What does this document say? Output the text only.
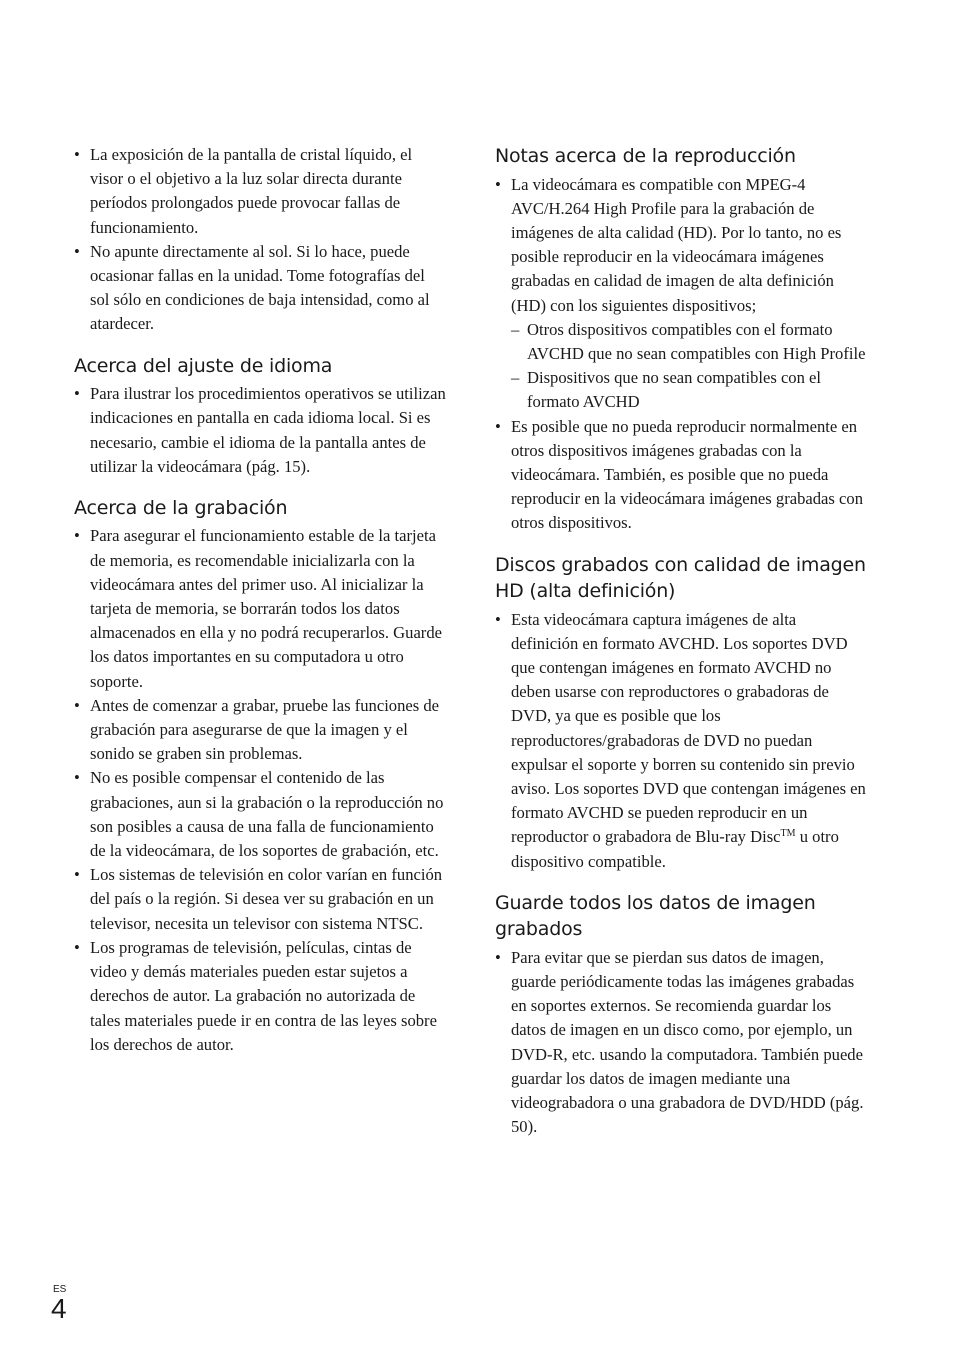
• La exposición de la pantalla de cristal líquido, el visor o el objetivo a la luz solar directa durante períodos prolongados puede provocar fallas de funcionamiento.
• No apunte directamente al sol. Si lo hace, puede ocasionar fallas en la unidad. Tome fotografías del sol sólo en condiciones de baja intensidad, como al atardecer.
Acerca del ajuste de idioma
• Para ilustrar los procedimientos operativos se utilizan indicaciones en pantalla en cada idioma local. Si es necesario, cambie el idioma de la pantalla antes de utilizar la videocámara (pág. 15).
Acerca de la grabación
• Para asegurar el funcionamiento estable de la tarjeta de memoria, es recomendable inicializarla con la videocámara antes del primer uso. Al inicializar la tarjeta de memoria, se borrarán todos los datos almacenados en ella y no podrá recuperarlos. Guarde los datos importantes en su computadora u otro soporte.
• Antes de comenzar a grabar, pruebe las funciones de grabación para asegurarse de que la imagen y el sonido se graben sin problemas.
• No es posible compensar el contenido de las grabaciones, aun si la grabación o la reproducción no son posibles a causa de una falla de funcionamiento de la videocámara, de los soportes de grabación, etc.
• Los sistemas de televisión en color varían en función del país o la región. Si desea ver su grabación en un televisor, necesita un televisor con sistema NTSC.
• Los programas de televisión, películas, cintas de video y demás materiales pueden estar sujetos a derechos de autor. La grabación no autorizada de tales materiales puede ir en contra de las leyes sobre los derechos de autor.
Notas acerca de la reproducción
• La videocámara es compatible con MPEG-4 AVC/H.264 High Profile para la grabación de imágenes de alta calidad (HD). Por lo tanto, no es posible reproducir en la videocámara imágenes grabadas en calidad de imagen de alta definición (HD) con los siguientes dispositivos;
– Otros dispositivos compatibles con el formato AVCHD que no sean compatibles con High Profile
– Dispositivos que no sean compatibles con el formato AVCHD
• Es posible que no pueda reproducir normalmente en otros dispositivos imágenes grabadas con la videocámara. También, es posible que no pueda reproducir en la videocámara imágenes grabadas con otros dispositivos.
Discos grabados con calidad de imagen HD (alta definición)
• Esta videocámara captura imágenes de alta definición en formato AVCHD. Los soportes DVD que contengan imágenes en formato AVCHD no deben usarse con reproductores o grabadoras de DVD, ya que es posible que los reproductores/grabadoras de DVD no puedan expulsar el soporte y borren su contenido sin previo aviso. Los soportes DVD que contengan imágenes en formato AVCHD se pueden reproducir en un reproductor o grabadora de Blu-ray Disc™ u otro dispositivo compatible.
Guarde todos los datos de imagen grabados
• Para evitar que se pierdan sus datos de imagen, guarde periódicamente todas las imágenes grabadas en soportes externos. Se recomienda guardar los datos de imagen en un disco como, por ejemplo, un DVD-R, etc. usando la computadora. También puede guardar los datos de imagen mediante una videograbadora o una grabadora de DVD/HDD (pág. 50).
ES
4
